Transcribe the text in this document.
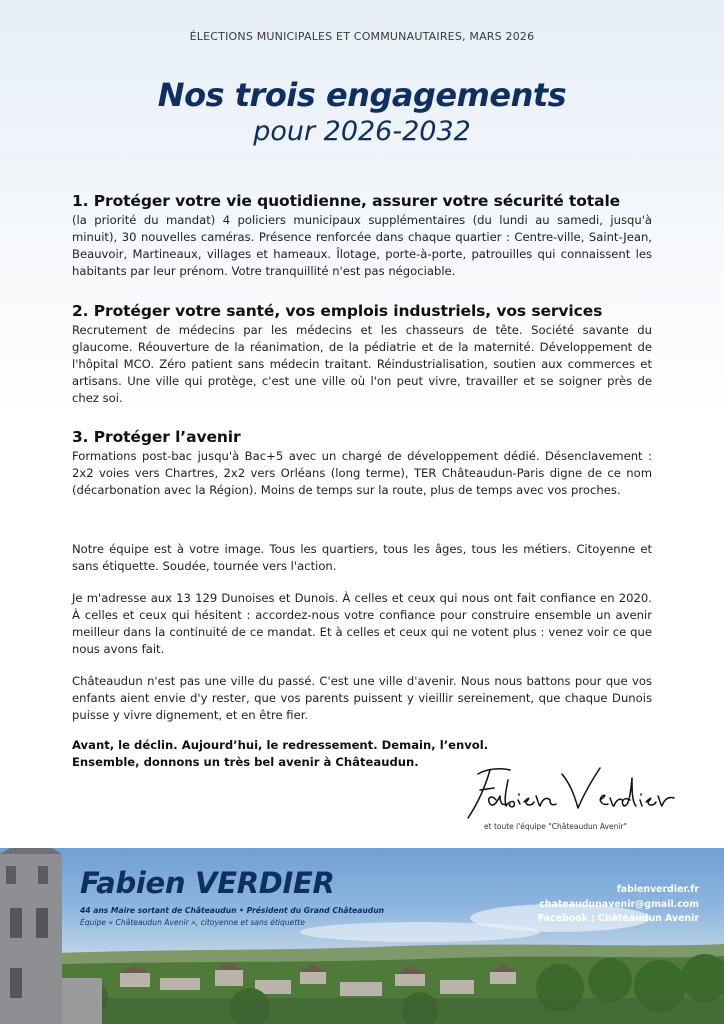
ÉLECTIONS MUNICIPALES ET COMMUNAUTAIRES, MARS 2026
Nos trois engagements
pour 2026-2032
1. Protéger votre vie quotidienne, assurer votre sécurité totale

(la priorité du mandat) 4 policiers municipaux supplémentaires (du lundi au samedi, jusqu'à minuit), 30 nouvelles caméras. Présence renforcée dans chaque quartier : Centre-ville, Saint-Jean, Beauvoir, Martineaux, villages et hameaux. Îlotage, porte-à-porte, patrouilles qui connaissent les habitants par leur prénom. Votre tranquillité n'est pas négociable.

2. Protéger votre santé, vos emplois industriels, vos services

Recrutement de médecins par les médecins et les chasseurs de tête. Société savante du glaucome. Réouverture de la réanimation, de la pédiatrie et de la maternité. Développement de l'hôpital MCO. Zéro patient sans médecin traitant. Réindustrialisation, soutien aux commerces et artisans. Une ville qui protège, c'est une ville où l'on peut vivre, travailler et se soigner près de chez soi.

3. Protéger l’avenir

Formations post-bac jusqu'à Bac+5 avec un chargé de développement dédié. Désenclavement : 2x2 voies vers Chartres, 2x2 vers Orléans (long terme), TER Châteaudun-Paris digne de ce nom (décarbonation avec la Région). Moins de temps sur la route, plus de temps avec vos proches.

Notre équipe est à votre image. Tous les quartiers, tous les âges, tous les métiers. Citoyenne et sans étiquette. Soudée, tournée vers l'action.

Je m'adresse aux 13 129 Dunoises et Dunois. À celles et ceux qui nous ont fait confiance en 2020. À celles et ceux qui hésitent : accordez-nous votre confiance pour construire ensemble un avenir meilleur dans la continuité de ce mandat. Et à celles et ceux qui ne votent plus : venez voir ce que nous avons fait.

Châteaudun n'est pas une ville du passé. C'est une ville d'avenir. Nous nous battons pour que vos enfants aient envie d'y rester, que vos parents puissent y vieillir sereinement, que chaque Dunois puisse y vivre dignement, et en être fier.

Avant, le déclin. Aujourd’hui, le redressement. Demain, l’envol.
Ensemble, donnons un très bel avenir à Châteaudun.
et toute l'équipe "Châteaudun Avenir"
Fabien VERDIER
44 ans Maire sortant de Châteaudun • Président du Grand Châteaudun
Équipe « Châteaudun Avenir », citoyenne et sans étiquette
fabienverdier.fr
chateaudunavenir@gmail.com
Facebook : Châteaudun Avenir
